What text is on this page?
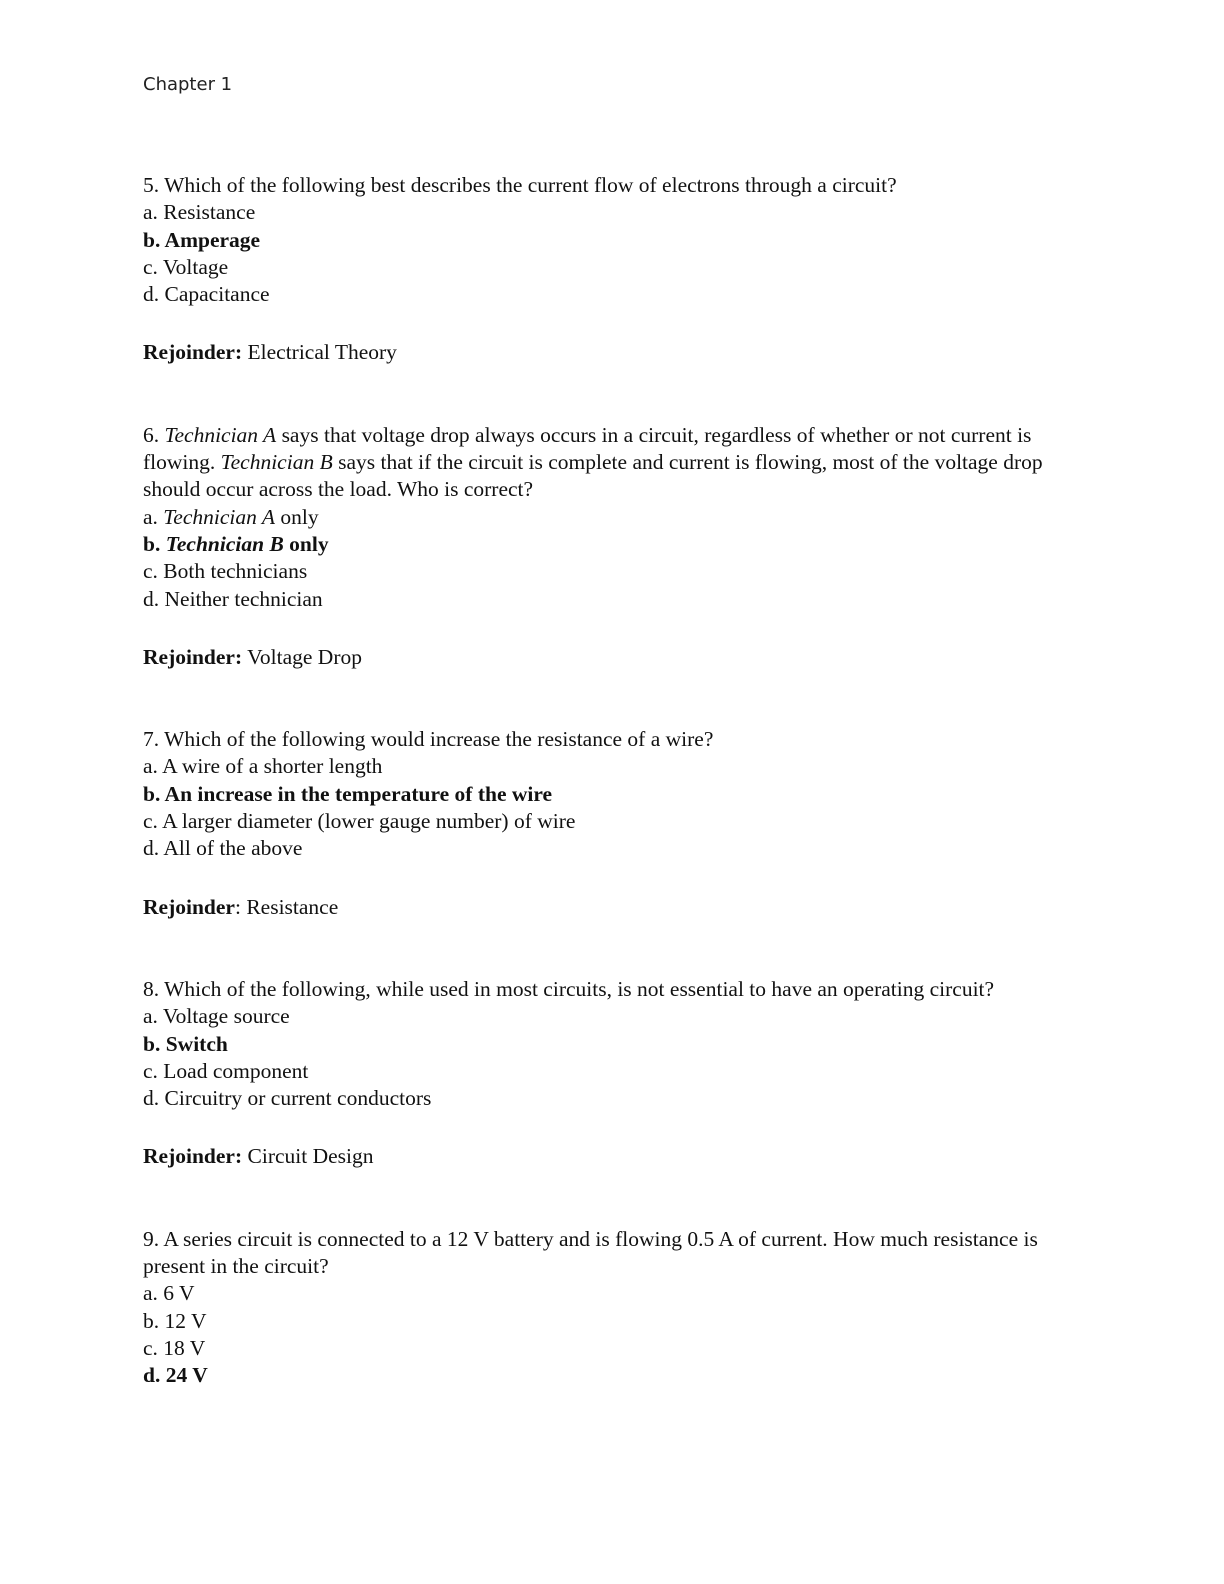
Chapter 1

5. Which of the following best describes the current flow of electrons through a circuit?

a. Resistance

b. Amperage

c. Voltage

d. Capacitance

Rejoinder: Electrical Theory

6. Technician A says that voltage drop always occurs in a circuit, regardless of whether or not current is flowing. Technician B says that if the circuit is complete and current is flowing, most of the voltage drop should occur across the load. Who is correct?

a. Technician A only

b. Technician B only

c. Both technicians

d. Neither technician

Rejoinder: Voltage Drop

7. Which of the following would increase the resistance of a wire?

a. A wire of a shorter length

b. An increase in the temperature of the wire

c. A larger diameter (lower gauge number) of wire

d. All of the above

Rejoinder: Resistance

8. Which of the following, while used in most circuits, is not essential to have an operating circuit?

a. Voltage source

b. Switch

c. Load component

d. Circuitry or current conductors

Rejoinder: Circuit Design

9. A series circuit is connected to a 12 V battery and is flowing 0.5 A of current. How much resistance is present in the circuit?

a. 6 V

b. 12 V

c. 18 V

d. 24 V
